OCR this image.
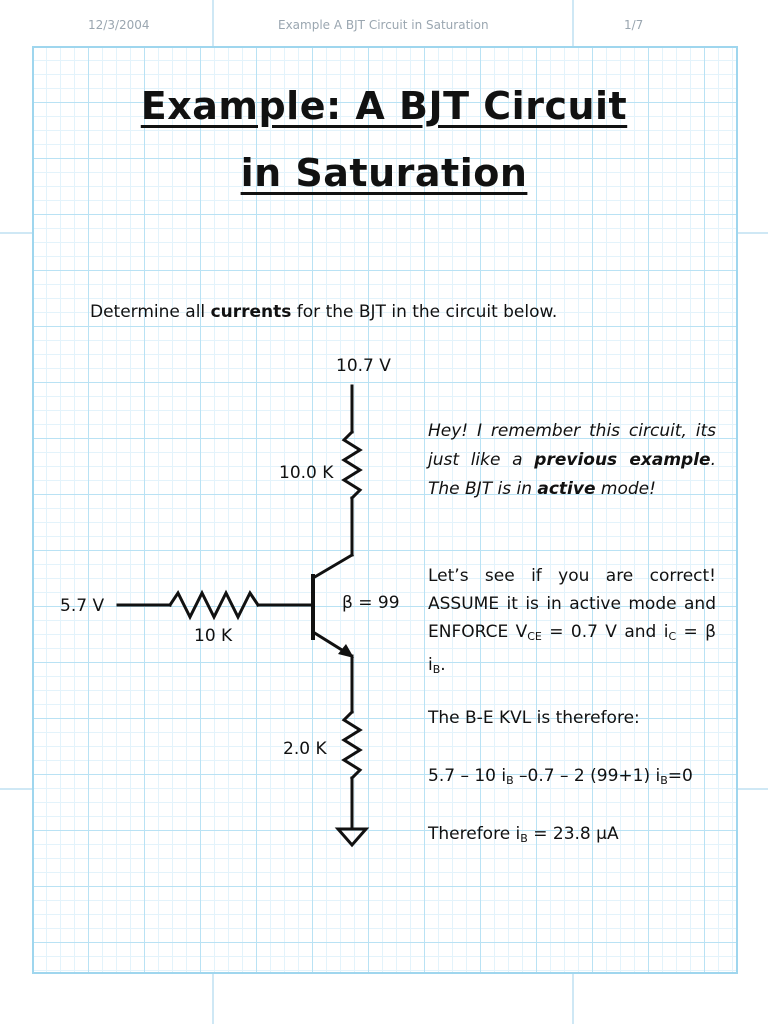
12/3/2004	Example A BJT Circuit in Saturation	1/7
Example: A BJT Circuit
in Saturation
Determine all currents for the BJT in the circuit below.
10.7 V
10.0 K
5.7 V
10 K
β = 99
2.0 K
Hey! I remember this circuit, its just like a previous example. The BJT is in active mode!
Let’s see if you are correct! ASSUME it is in active mode and ENFORCE $V_{CE} = 0.7$ V and $i_C = \beta$ $i_B$.
The B-E KVL is therefore:
5.7 – 10 $i_B$ –0.7 – 2 (99+1) $i_B=0$
Therefore $i_B = 23.8$ μA
